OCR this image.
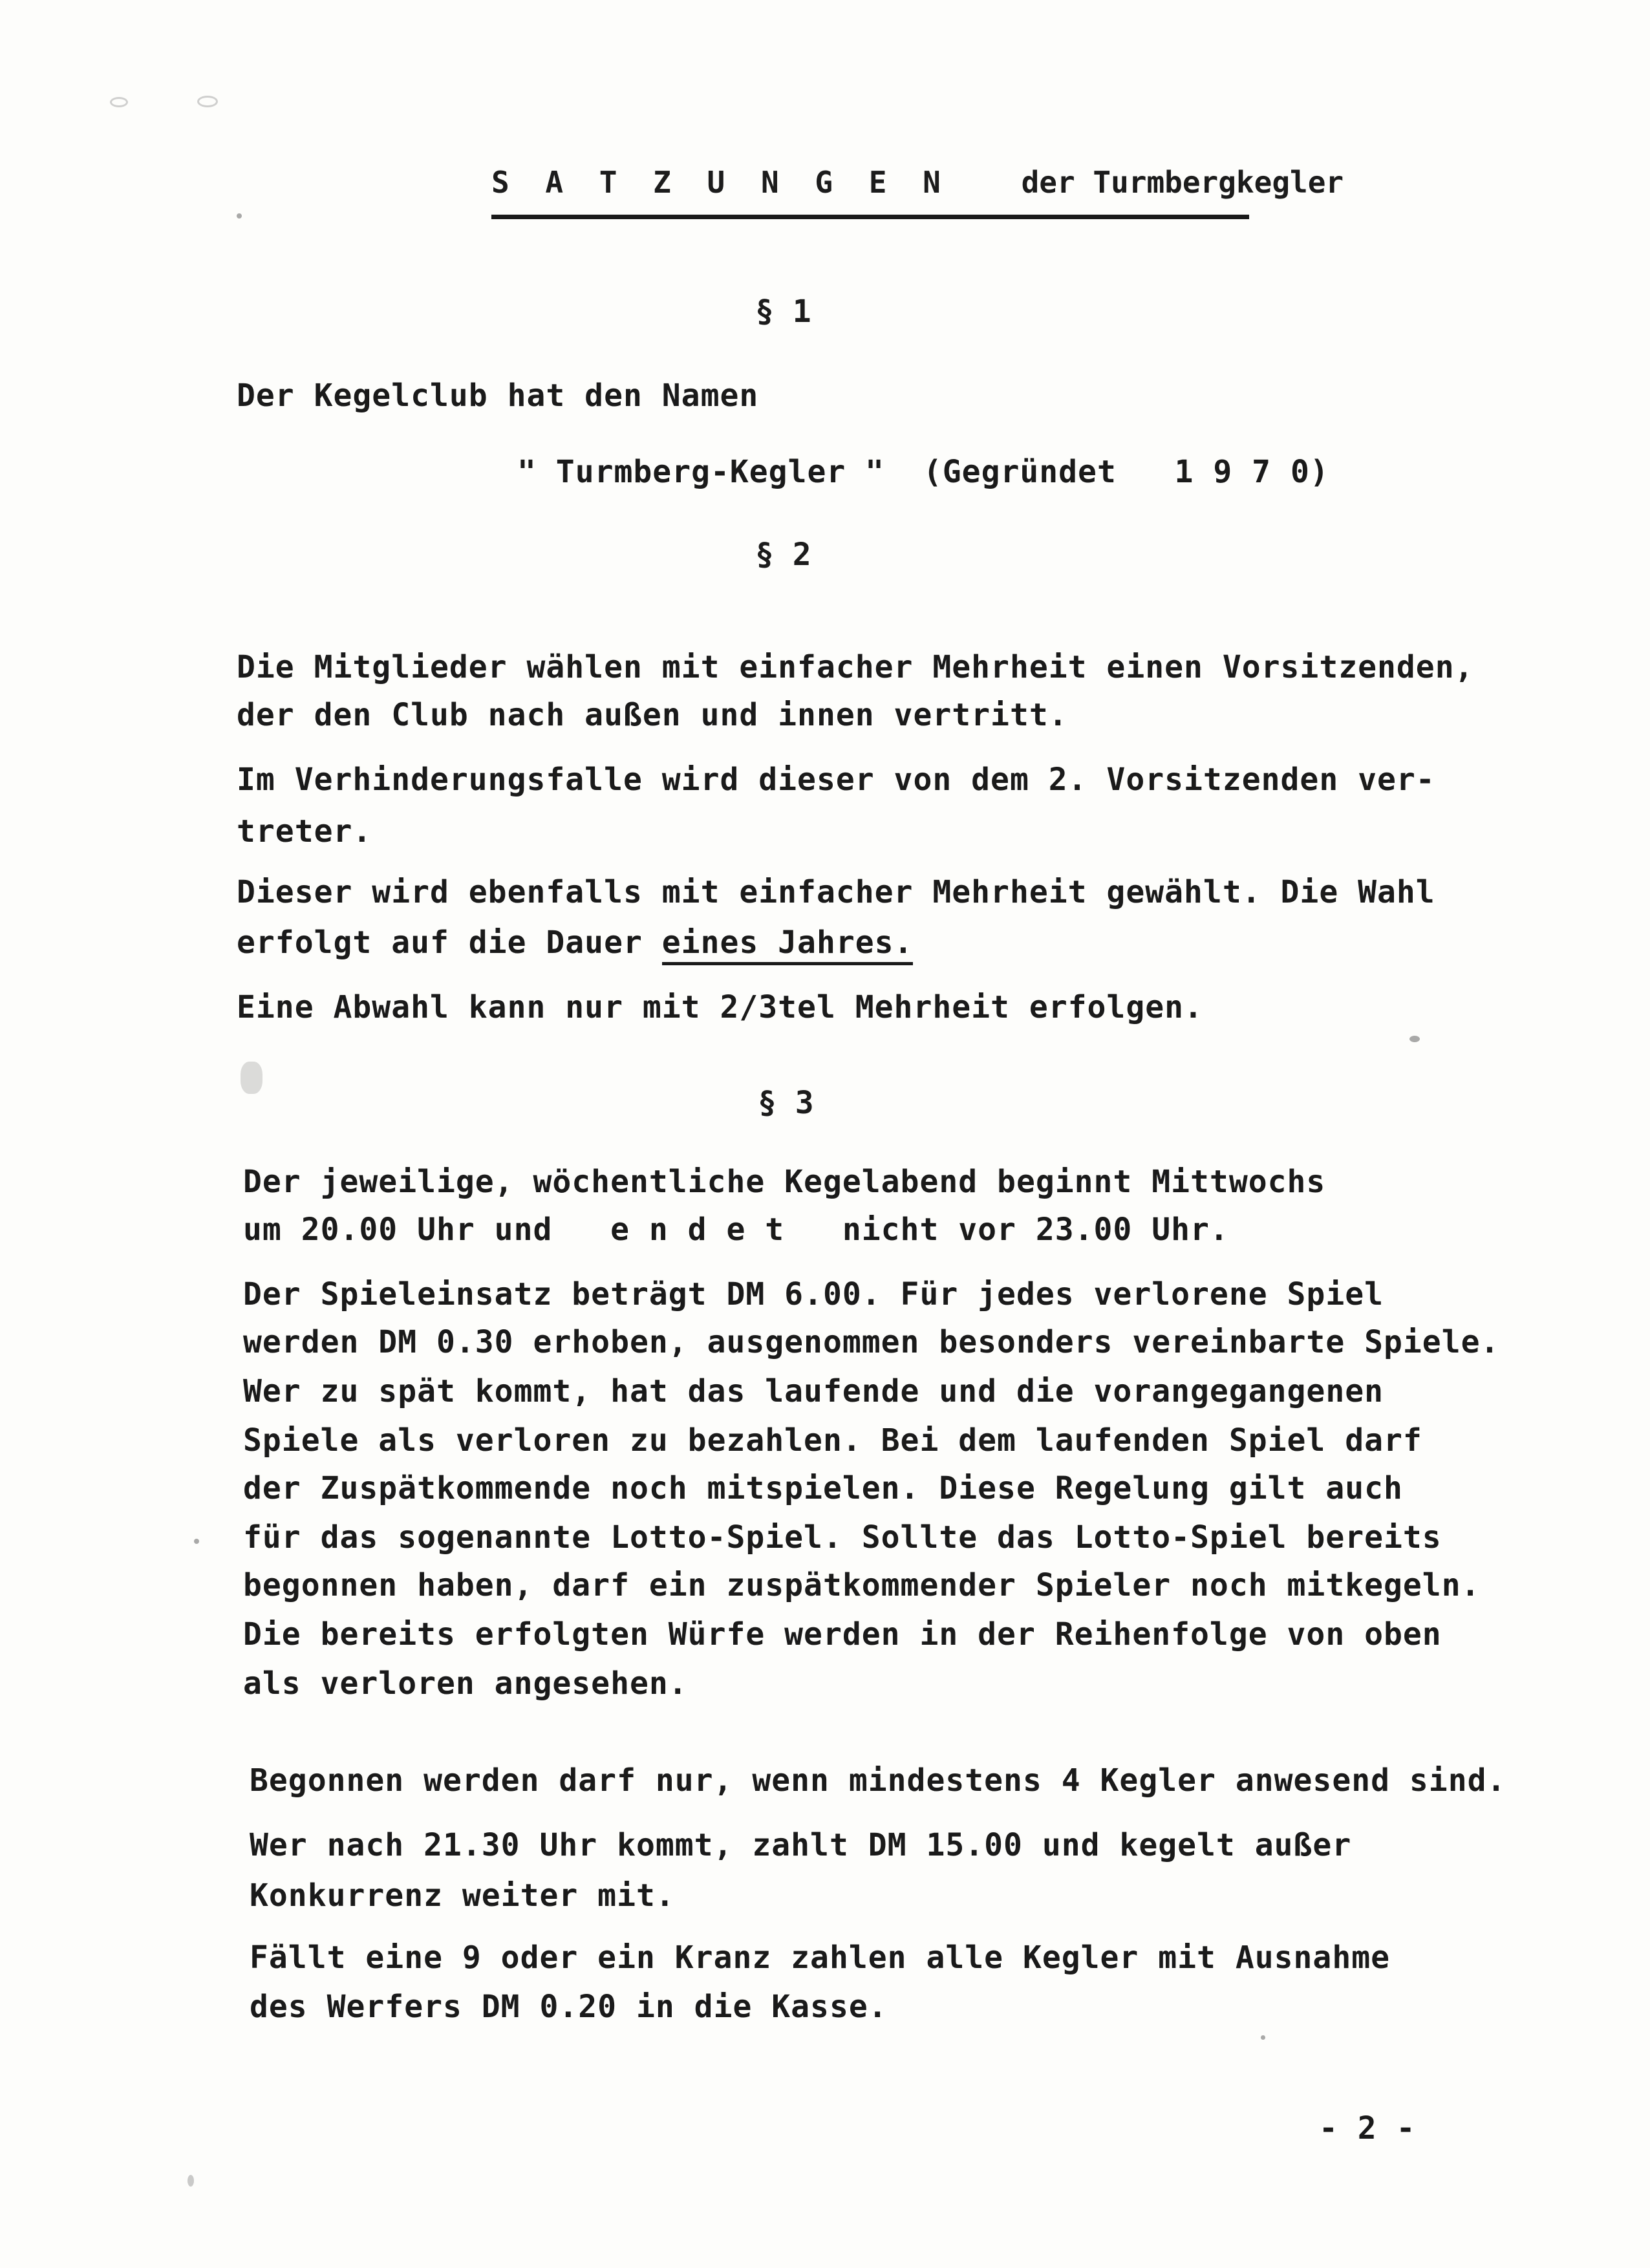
S A T Z U N G E N der Turmbergkegler
§ 1
Der Kegelclub hat den Namen
" Turmberg-Kegler "  (Gegründet   1 9 7 0)
§ 2
Die Mitglieder wählen mit einfacher Mehrheit einen Vorsitzenden,
der den Club nach außen und innen vertritt.
Im Verhinderungsfalle wird dieser von dem 2. Vorsitzenden ver-
treter.
Dieser wird ebenfalls mit einfacher Mehrheit gewählt. Die Wahl
erfolgt auf die Dauer eines Jahres.
Eine Abwahl kann nur mit 2/3tel Mehrheit erfolgen.
§ 3
Der jeweilige, wöchentliche Kegelabend beginnt Mittwochs
um 20.00 Uhr und   e n d e t   nicht vor 23.00 Uhr.
Der Spieleinsatz beträgt DM 6.00. Für jedes verlorene Spiel
werden DM 0.30 erhoben, ausgenommen besonders vereinbarte Spiele.
Wer zu spät kommt, hat das laufende und die vorangegangenen
Spiele als verloren zu bezahlen. Bei dem laufenden Spiel darf
der Zuspätkommende noch mitspielen. Diese Regelung gilt auch
für das sogenannte Lotto-Spiel. Sollte das Lotto-Spiel bereits
begonnen haben, darf ein zuspätkommender Spieler noch mitkegeln.
Die bereits erfolgten Würfe werden in der Reihenfolge von oben
als verloren angesehen.
Begonnen werden darf nur, wenn mindestens 4 Kegler anwesend sind.
Wer nach 21.30 Uhr kommt, zahlt DM 15.00 und kegelt außer
Konkurrenz weiter mit.
Fällt eine 9 oder ein Kranz zahlen alle Kegler mit Ausnahme
des Werfers DM 0.20 in die Kasse.
- 2 -
